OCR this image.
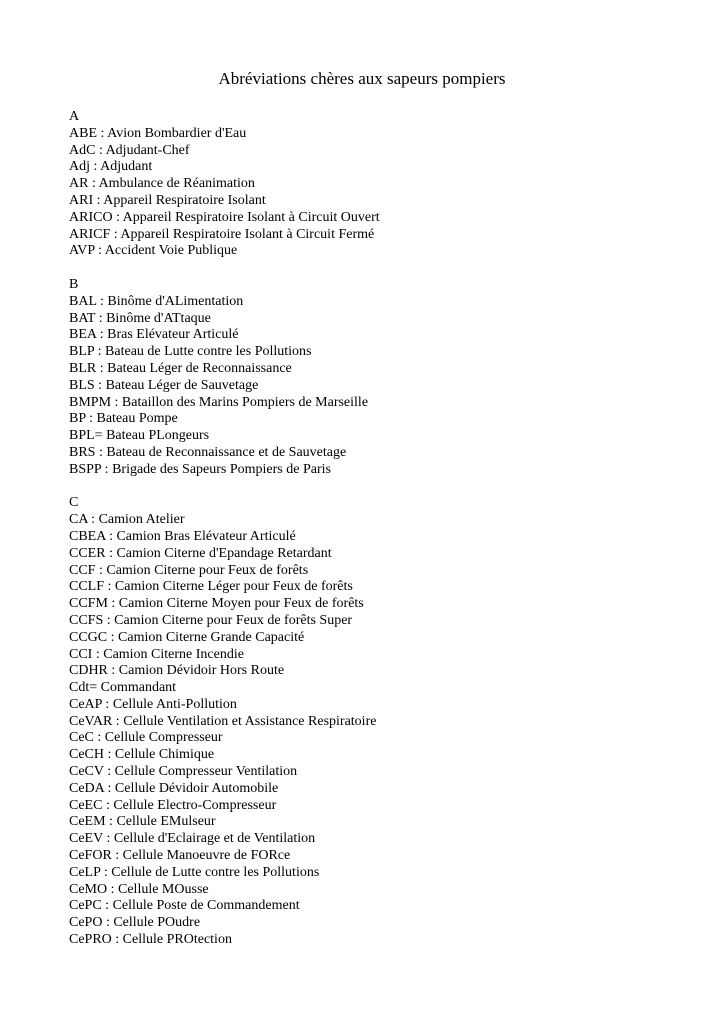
Abréviations chères aux sapeurs pompiers
A
ABE : Avion Bombardier d'Eau
AdC : Adjudant-Chef
Adj : Adjudant
AR : Ambulance de Réanimation
ARI : Appareil Respiratoire Isolant
ARICO : Appareil Respiratoire Isolant à Circuit Ouvert
ARICF : Appareil Respiratoire Isolant à Circuit Fermé
AVP : Accident Voie Publique
B
BAL : Binôme d'ALimentation
BAT : Binôme d'ATtaque
BEA : Bras Elévateur Articulé
BLP : Bateau de Lutte contre les Pollutions
BLR : Bateau Léger de Reconnaissance
BLS : Bateau Léger de Sauvetage
BMPM : Bataillon des Marins Pompiers de Marseille
BP : Bateau Pompe
BPL= Bateau PLongeurs
BRS : Bateau de Reconnaissance et de Sauvetage
BSPP : Brigade des Sapeurs Pompiers de Paris
C
CA : Camion Atelier
CBEA : Camion Bras Elévateur Articulé
CCER : Camion Citerne d'Epandage Retardant
CCF : Camion Citerne pour Feux de forêts
CCLF : Camion Citerne Léger pour Feux de forêts
CCFM : Camion Citerne Moyen pour Feux de forêts
CCFS : Camion Citerne pour Feux de forêts Super
CCGC : Camion Citerne Grande Capacité
CCI : Camion Citerne Incendie
CDHR : Camion Dévidoir Hors Route
Cdt= Commandant
CeAP : Cellule Anti-Pollution
CeVAR : Cellule Ventilation et Assistance Respiratoire
CeC : Cellule Compresseur
CeCH : Cellule Chimique
CeCV : Cellule Compresseur Ventilation
CeDA : Cellule Dévidoir Automobile
CeEC : Cellule Electro-Compresseur
CeEM : Cellule EMulseur
CeEV : Cellule d'Eclairage et de Ventilation
CeFOR : Cellule Manoeuvre de FORce
CeLP : Cellule de Lutte contre les Pollutions
CeMO : Cellule MOusse
CePC : Cellule Poste de Commandement
CePO : Cellule POudre
CePRO : Cellule PROtection
